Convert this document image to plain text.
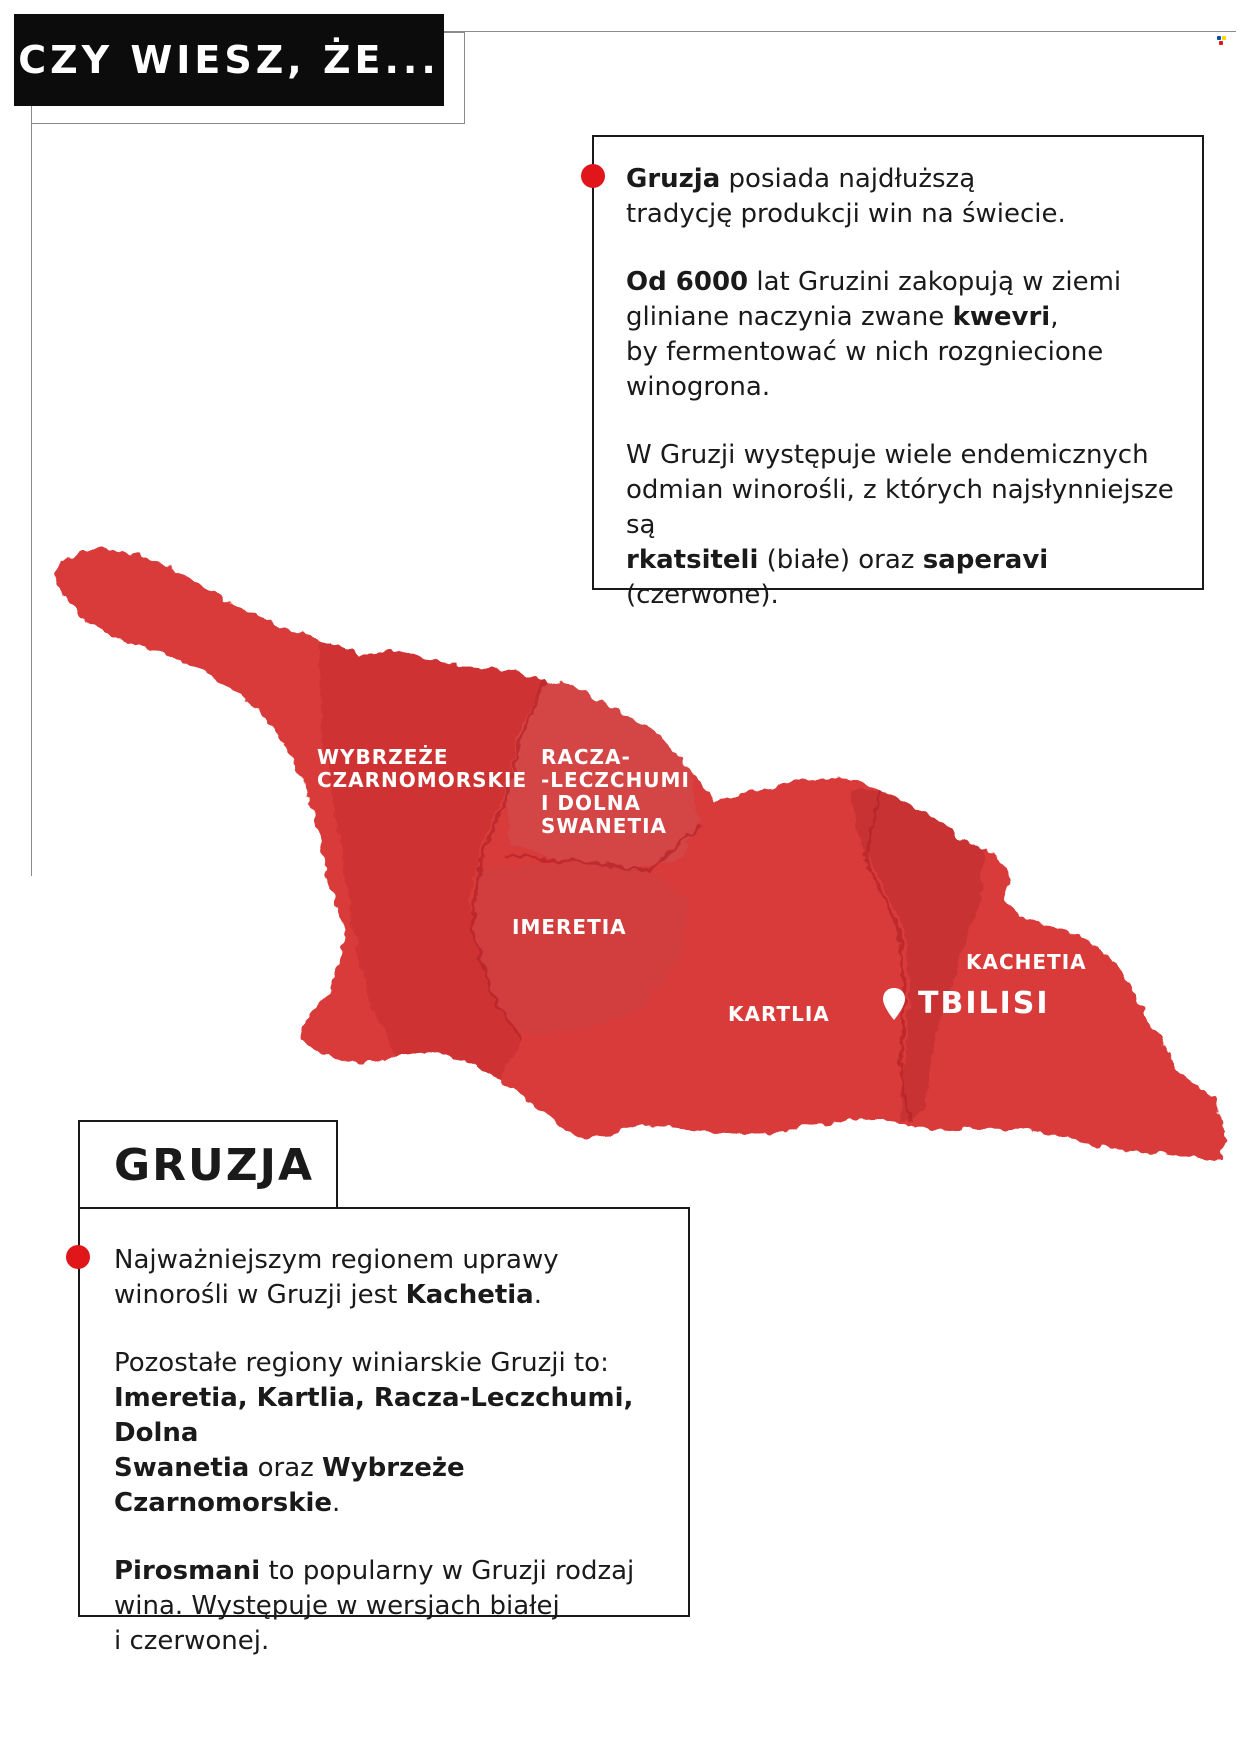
CZY WIESZ, ŻE...
WYBRZEŻE
CZARNOMORSKIE
RACZA-
-LECZCHUMI
I DOLNA
SWANETIA
IMERETIA
KARTLIA
KACHETIA
TBILISI

Gruzja posiada najdłuższą
tradycję produkcji win na świecie.

Od 6000 lat Gruzini zakopują w ziemi
gliniane naczynia zwane kwevri,
by fermentować w nich rozgniecione
winogrona.

W Gruzji występuje wiele endemicznych
odmian winorośli, z których najsłynniejsze są
rkatsiteli (białe) oraz saperavi (czerwone).

GRUZJA

Najważniejszym regionem uprawy
winorośli w Gruzji jest Kachetia.

Pozostałe regiony winiarskie Gruzji to:
Imeretia, Kartlia, Racza-Leczchumi, Dolna
Swanetia oraz Wybrzeże Czarnomorskie.

Pirosmani to popularny w Gruzji rodzaj
wina. Występuje w wersjach białej
i czerwonej.
